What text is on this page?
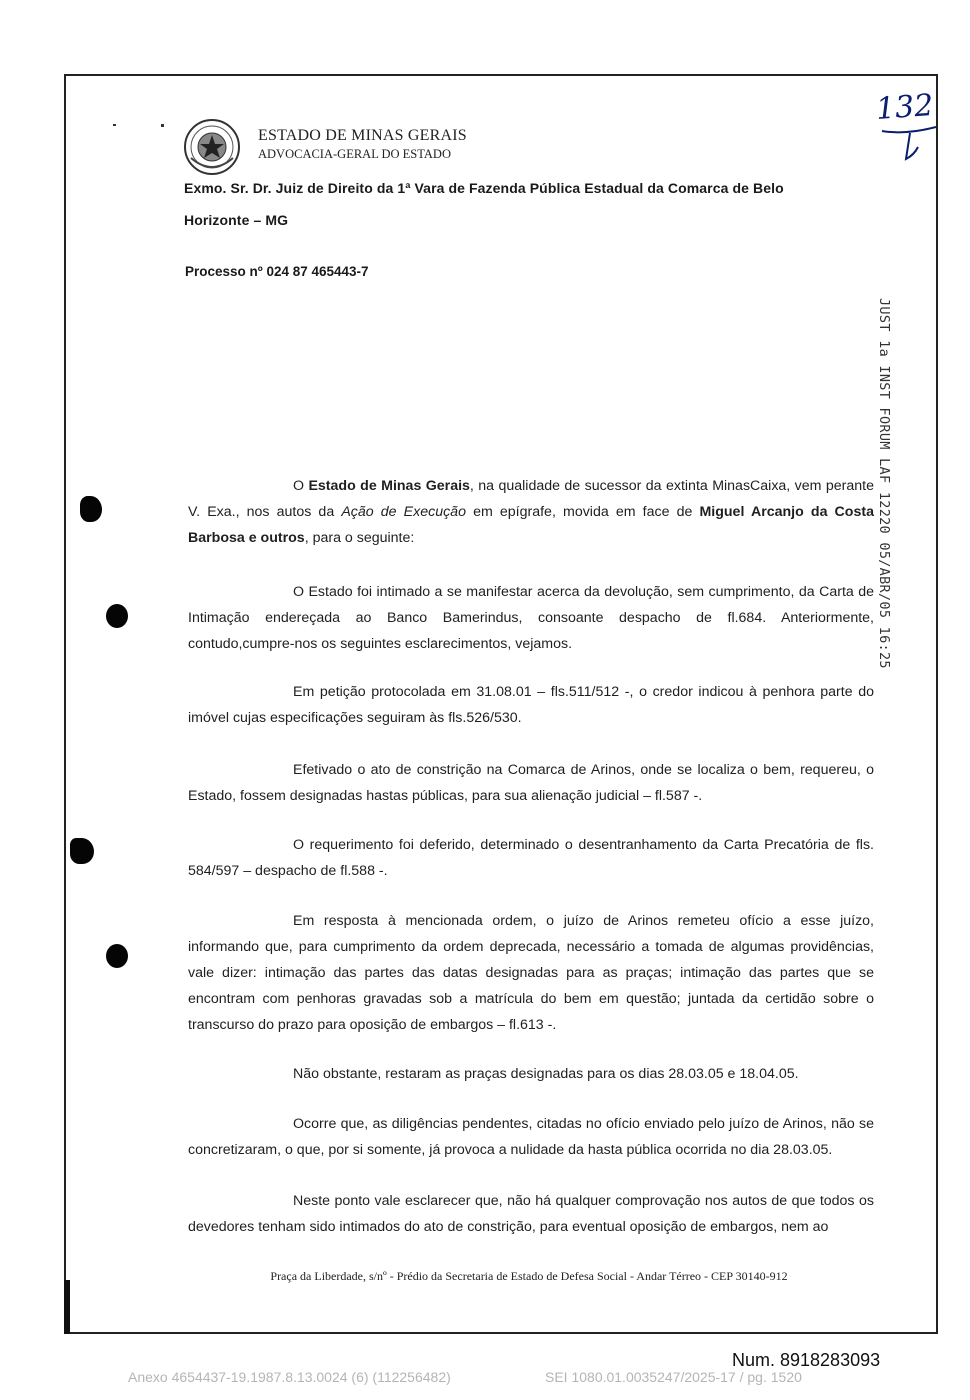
ESTADO DE MINAS GERAIS
ADVOCACIA-GERAL DO ESTADO
132
Exmo. Sr. Dr. Juiz de Direito da 1ª Vara de Fazenda Pública Estadual da Comarca de Belo
Horizonte – MG
Processo nº 024 87 465443-7
JUST 1a INST FORUM LAF 12220 05/ABR/05 16:25

O Estado de Minas Gerais, na qualidade de sucessor da extinta MinasCaixa, vem perante V. Exa., nos autos da Ação de Execução em epígrafe, movida em face de Miguel Arcanjo da Costa Barbosa e outros, para o seguinte:

O Estado foi intimado a se manifestar acerca da devolução, sem cumprimento, da Carta de Intimação endereçada ao Banco Bamerindus, consoante despacho de fl.684. Anteriormente, contudo,cumpre-nos os seguintes esclarecimentos, vejamos.

Em petição protocolada em 31.08.01 – fls.511/512 -, o credor indicou à penhora parte do imóvel cujas especificações seguiram às fls.526/530.

Efetivado o ato de constrição na Comarca de Arinos, onde se localiza o bem, requereu, o Estado, fossem designadas hastas públicas, para sua alienação judicial – fl.587 -.

O requerimento foi deferido, determinado o desentranhamento da Carta Precatória de fls. 584/597 – despacho de fl.588 -.

Em resposta à mencionada ordem, o juízo de Arinos remeteu ofício a esse juízo, informando que, para cumprimento da ordem deprecada, necessário a tomada de algumas providências, vale dizer: intimação das partes das datas designadas para as praças; intimação das partes que se encontram com penhoras gravadas sob a matrícula do bem em questão; juntada da certidão sobre o transcurso do prazo para oposição de embargos – fl.613 -.

Não obstante, restaram as praças designadas para os dias 28.03.05 e 18.04.05.

Ocorre que, as diligências pendentes, citadas no ofício enviado pelo juízo de Arinos, não se concretizaram, o que, por si somente, já provoca a nulidade da hasta pública ocorrida no dia 28.03.05.

Neste ponto vale esclarecer que, não há qualquer comprovação nos autos de que todos os devedores tenham sido intimados do ato de constrição, para eventual oposição de embargos, nem ao

Praça da Liberdade, s/nº - Prédio da Secretaria de Estado de Defesa Social - Andar Térreo - CEP 30140-912
Num. 8918283093
Anexo 4654437-19.1987.8.13.0024 (6) (112256482)	SEI 1080.01.0035247/2025-17 / pg. 1520
